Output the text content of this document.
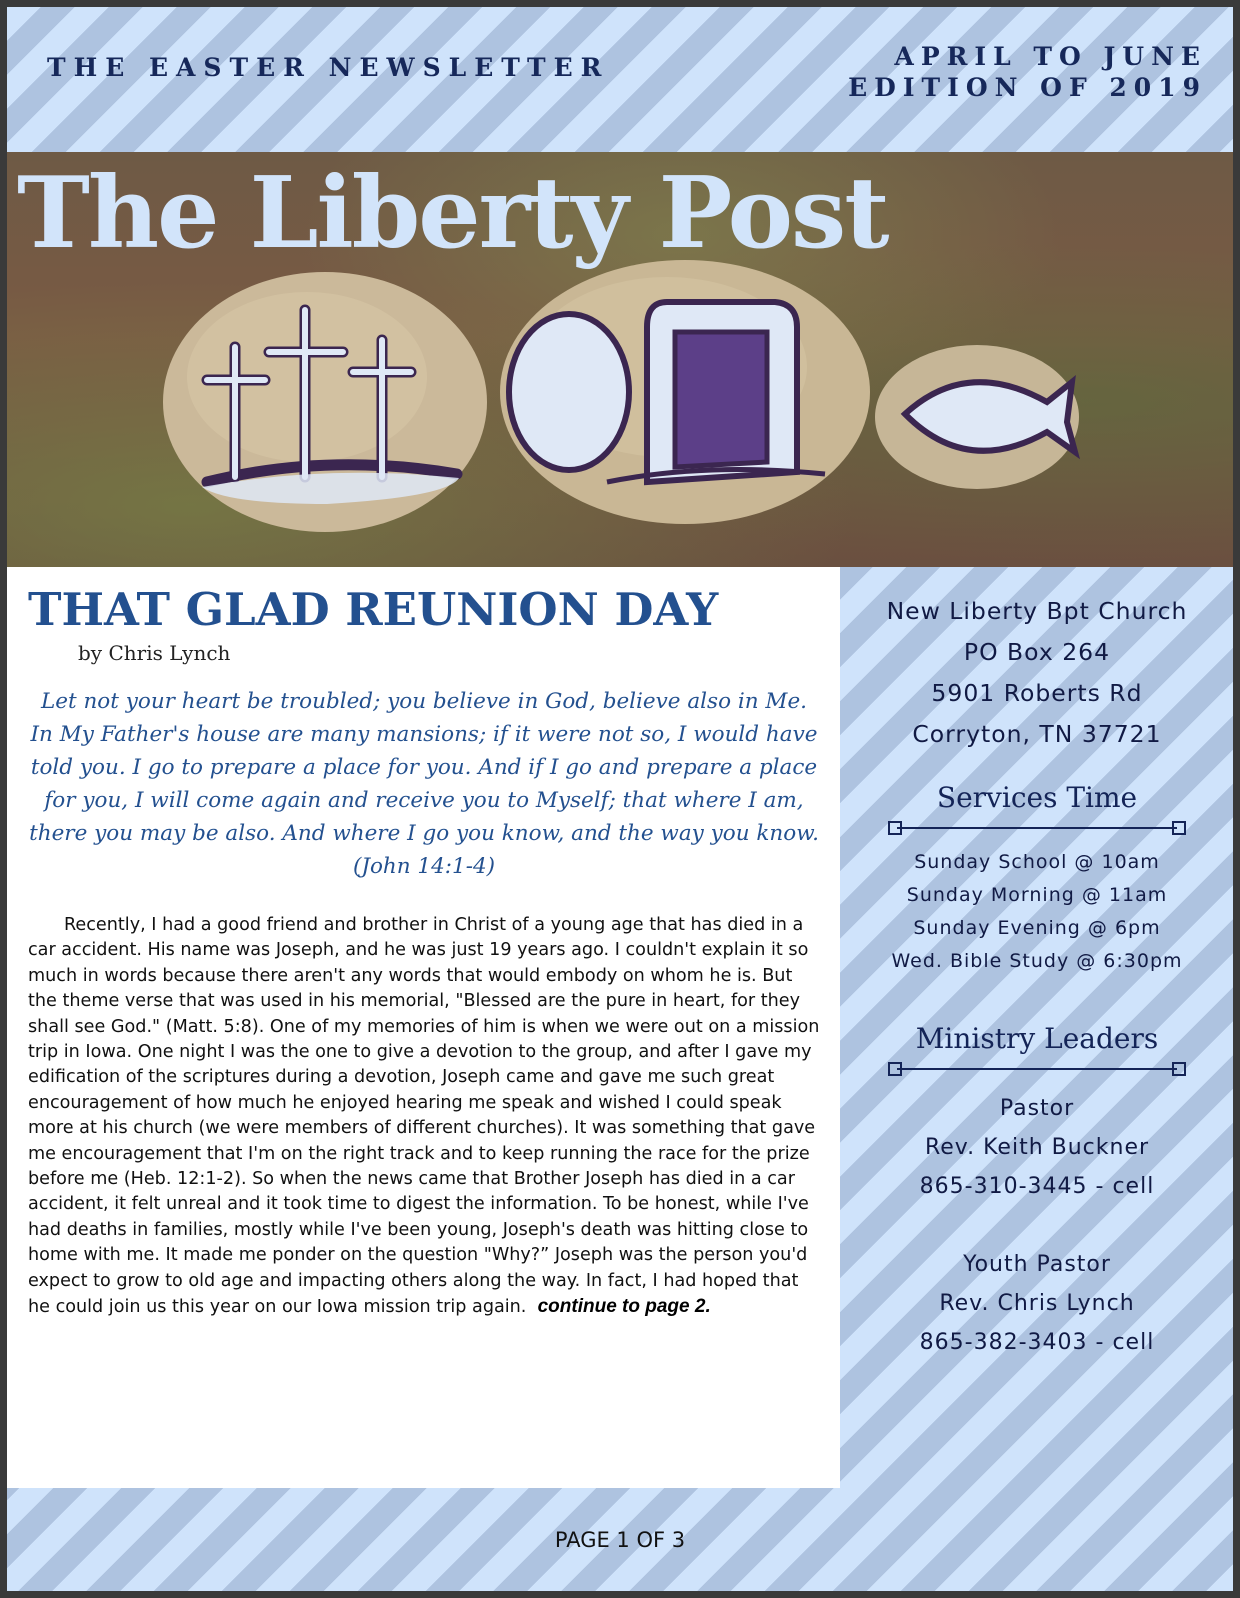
THE EASTER NEWSLETTER	APRIL TO JUNE
EDITION OF 2019
The Liberty Post
THAT GLAD REUNION DAY
by Chris Lynch
Let not your heart be troubled; you believe in God, believe also in Me. In My Father's house are many mansions; if it were not so, I would have told you. I go to prepare a place for you. And if I go and prepare a place for you, I will come again and receive you to Myself; that where I am, there you may be also. And where I go you know, and the way you know. (John 14:1-4)

Recently, I had a good friend and brother in Christ of a young age that has died in a car accident. His name was Joseph, and he was just 19 years ago. I couldn't explain it so much in words because there aren't any words that would embody on whom he is. But the theme verse that was used in his memorial, "Blessed are the pure in heart, for they shall see God." (Matt. 5:8). One of my memories of him is when we were out on a mission trip in Iowa. One night I was the one to give a devotion to the group, and after I gave my edification of the scriptures during a devotion, Joseph came and gave me such great encouragement of how much he enjoyed hearing me speak and wished I could speak more at his church (we were members of different churches). It was something that gave me encouragement that I'm on the right track and to keep running the race for the prize before me (Heb. 12:1-2). So when the news came that Brother Joseph has died in a car accident, it felt unreal and it took time to digest the information. To be honest, while I've had deaths in families, mostly while I've been young, Joseph's death was hitting close to home with me. It made me ponder on the question "Why?” Joseph was the person you'd expect to grow to old age and impacting others along the way. In fact, I had hoped that he could join us this year on our Iowa mission trip again. continue to page 2.

New Liberty Bpt Church
PO Box 264
5901 Roberts Rd
Corryton, TN 37721
Services Time
Sunday School @ 10am
Sunday Morning @ 11am
Sunday Evening @ 6pm
Wed. Bible Study @ 6:30pm
Ministry Leaders
Pastor
Rev. Keith Buckner
865-310-3445 - cell
Youth Pastor
Rev. Chris Lynch
865-382-3403 - cell
PAGE 1 OF 3
